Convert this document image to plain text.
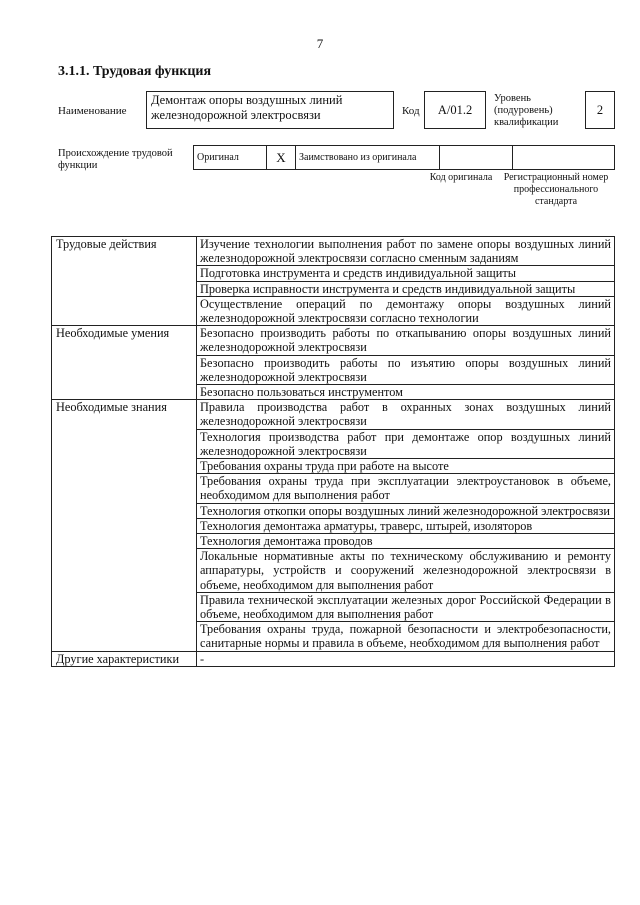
7
3.1.1. Трудовая функция
Наименование
Демонтаж опоры воздушных линий железнодорожной электросвязи	Код	А/01.2
Уровень (подуровень) квалификации
2
Происхождение трудовой функции
Оригинал	X	Заимствовано из оригинала		
Код оригинала	Регистрационный номер профессионального стандарта
Трудовые действия	Изучение технологии выполнения работ по замене опоры воздушных линий железнодорожной электросвязи согласно сменным заданиям
	Подготовка инструмента и средств индивидуальной защиты
	Проверка исправности инструмента и средств индивидуальной защиты
	Осуществление операций по демонтажу опоры воздушных линий железнодорожной электросвязи согласно технологии
Необходимые умения	Безопасно производить работы по откапыванию опоры воздушных линий железнодорожной электросвязи
	Безопасно производить работы по изъятию опоры воздушных линий железнодорожной электросвязи
	Безопасно пользоваться инструментом
Необходимые знания	Правила производства работ в охранных зонах воздушных линий железнодорожной электросвязи
	Технология производства работ при демонтаже опор воздушных линий железнодорожной электросвязи
	Требования охраны труда при работе на высоте
	Требования охраны труда при эксплуатации электроустановок в объеме, необходимом для выполнения работ
	Технология откопки опоры воздушных линий железнодорожной электросвязи
	Технология демонтажа арматуры, траверс, штырей, изоляторов
	Технология демонтажа проводов
	Локальные нормативные акты по техническому обслуживанию и ремонту аппаратуры, устройств и сооружений железнодорожной электросвязи в объеме, необходимом для выполнения работ
	Правила технической эксплуатации железных дорог Российской Федерации в объеме, необходимом для выполнения работ
	Требования охраны труда, пожарной безопасности и электробезопасности, санитарные нормы и правила в объеме, необходимом для выполнения работ
Другие характеристики	-
